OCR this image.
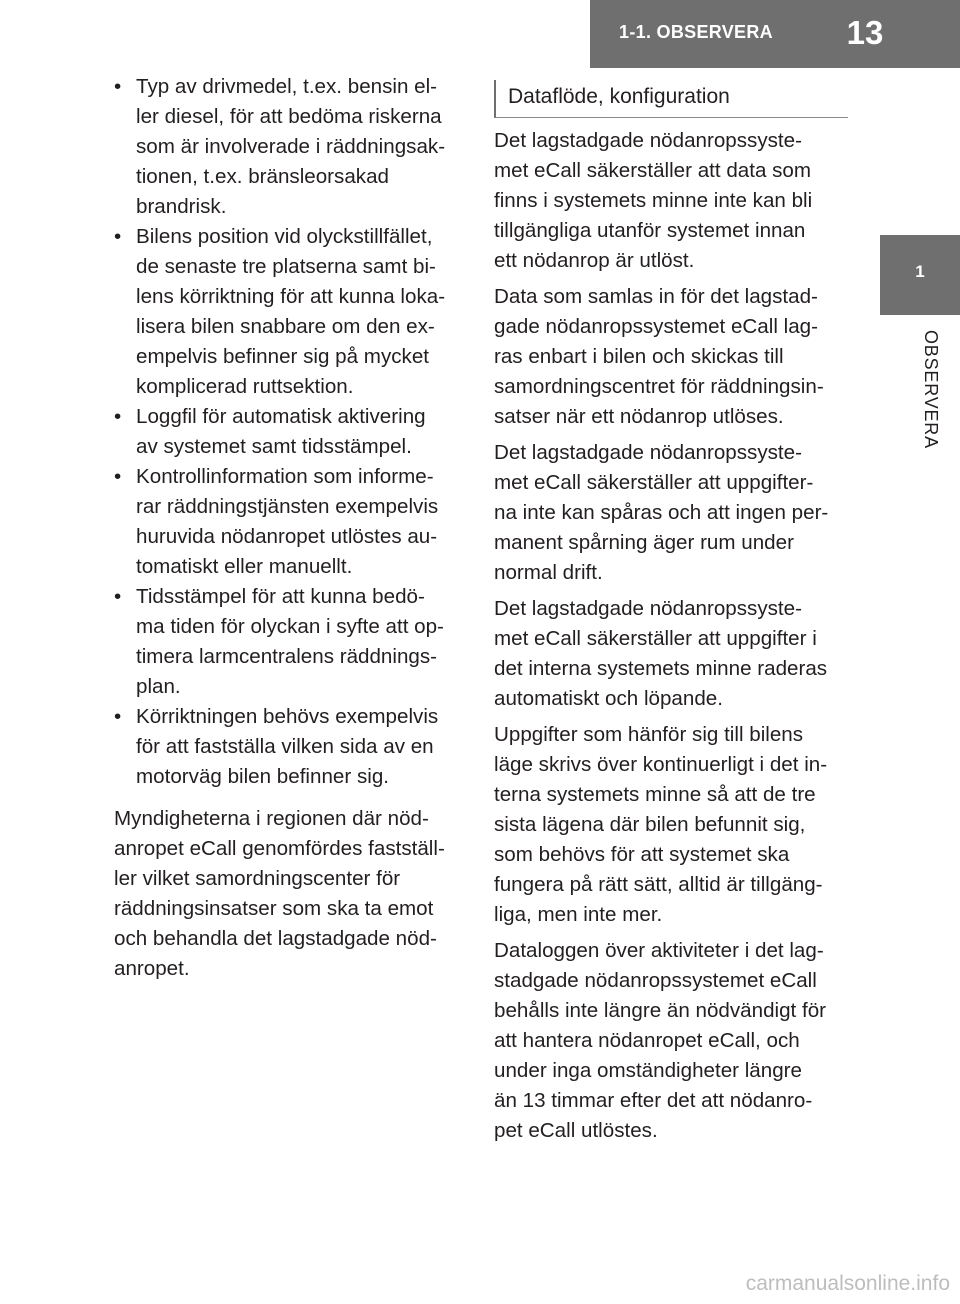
1-1. OBSERVERA	13
1
OBSERVERA
• Typ av drivmedel, t.ex. bensin el-
ler diesel, för att bedöma riskerna
som är involverade i räddningsak-
tionen, t.ex. bränsleorsakad
brandrisk.
• Bilens position vid olyckstillfället,
de senaste tre platserna samt bi-
lens körriktning för att kunna loka-
lisera bilen snabbare om den ex-
empelvis befinner sig på mycket
komplicerad ruttsektion.
• Loggfil för automatisk aktivering
av systemet samt tidsstämpel.
• Kontrollinformation som informe-
rar räddningstjänsten exempelvis
huruvida nödanropet utlöstes au-
tomatiskt eller manuellt.
• Tidsstämpel för att kunna bedö-
ma tiden för olyckan i syfte att op-
timera larmcentralens räddnings-
plan.
• Körriktningen behövs exempelvis
för att fastställa vilken sida av en
motorväg bilen befinner sig.

Myndigheterna i regionen där nöd-
anropet eCall genomfördes fastställ-
ler vilket samordningscenter för
räddningsinsatser som ska ta emot
och behandla det lagstadgade nöd-
anropet.

Dataflöde, konfiguration

Det lagstadgade nödanropssyste-
met eCall säkerställer att data som
finns i systemets minne inte kan bli
tillgängliga utanför systemet innan
ett nödanrop är utlöst.

Data som samlas in för det lagstad-
gade nödanropssystemet eCall lag-
ras enbart i bilen och skickas till
samordningscentret för räddningsin-
satser när ett nödanrop utlöses.

Det lagstadgade nödanropssyste-
met eCall säkerställer att uppgifter-
na inte kan spåras och att ingen per-
manent spårning äger rum under
normal drift.

Det lagstadgade nödanropssyste-
met eCall säkerställer att uppgifter i
det interna systemets minne raderas
automatiskt och löpande.

Uppgifter som hänför sig till bilens
läge skrivs över kontinuerligt i det in-
terna systemets minne så att de tre
sista lägena där bilen befunnit sig,
som behövs för att systemet ska
fungera på rätt sätt, alltid är tillgäng-
liga, men inte mer.

Dataloggen över aktiviteter i det lag-
stadgade nödanropssystemet eCall
behålls inte längre än nödvändigt för
att hantera nödanropet eCall, och
under inga omständigheter längre
än 13 timmar efter det att nödanro-
pet eCall utlöstes.

carmanualsonline.info
